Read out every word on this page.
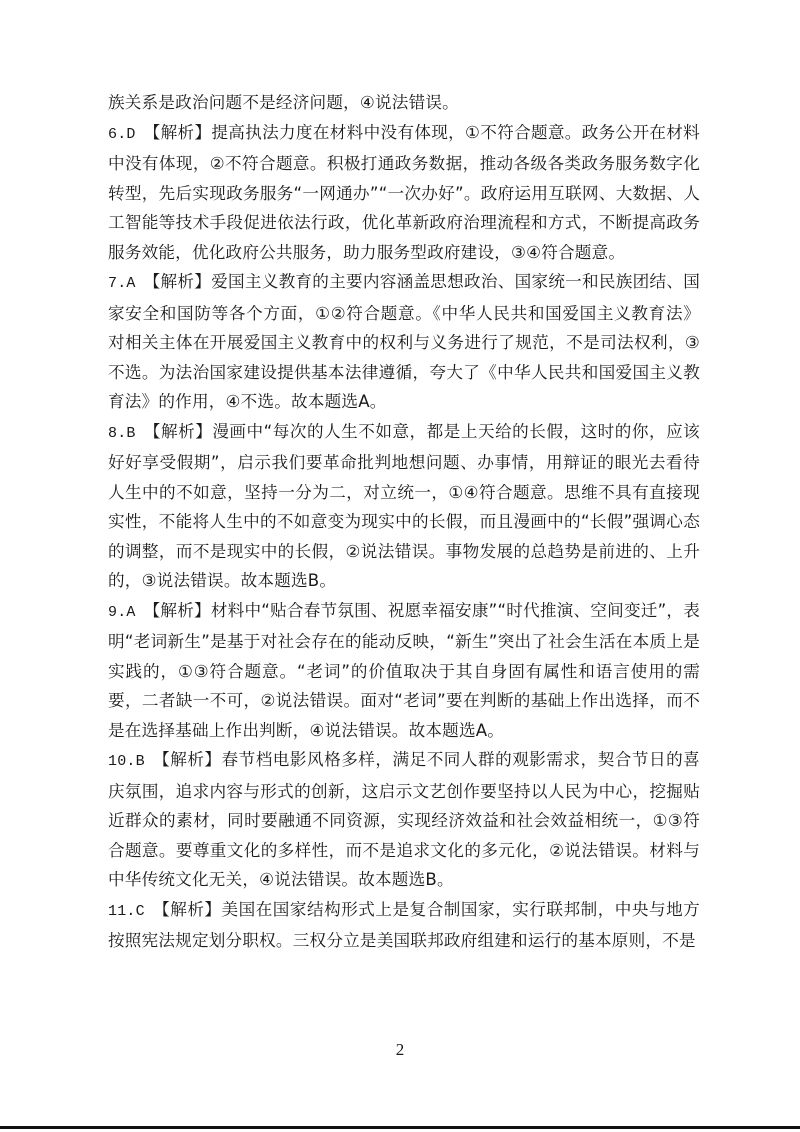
族关系是政治问题不是经济问题，④说法错误。

6.D 【解析】提高执法力度在材料中没有体现，①不符合题意。政务公开在材料中没有体现，②不符合题意。积极打通政务数据，推动各级各类政务服务数字化转型，先后实现政务服务“一网通办”“一次办好”。政府运用互联网、大数据、人工智能等技术手段促进依法行政，优化革新政府治理流程和方式，不断提高政务服务效能，优化政府公共服务，助力服务型政府建设，③④符合题意。

7.A 【解析】爱国主义教育的主要内容涵盖思想政治、国家统一和民族团结、国家安全和国防等各个方面，①②符合题意。《中华人民共和国爱国主义教育法》对相关主体在开展爱国主义教育中的权利与义务进行了规范，不是司法权利，③不选。为法治国家建设提供基本法律遵循，夸大了《中华人民共和国爱国主义教育法》的作用，④不选。故本题选A。

8.B 【解析】漫画中“每次的人生不如意，都是上天给的长假，这时的你，应该好好享受假期”，启示我们要革命批判地想问题、办事情，用辩证的眼光去看待人生中的不如意，坚持一分为二，对立统一，①④符合题意。思维不具有直接现实性，不能将人生中的不如意变为现实中的长假，而且漫画中的“长假”强调心态的调整，而不是现实中的长假，②说法错误。事物发展的总趋势是前进的、上升的，③说法错误。故本题选B。

9.A 【解析】材料中“贴合春节氛围、祝愿幸福安康”“时代推演、空间变迁”，表明“老词新生”是基于对社会存在的能动反映，“新生”突出了社会生活在本质上是实践的，①③符合题意。“老词”的价值取决于其自身固有属性和语言使用的需要，二者缺一不可，②说法错误。面对“老词”要在判断的基础上作出选择，而不是在选择基础上作出判断，④说法错误。故本题选A。

10.B 【解析】春节档电影风格多样，满足不同人群的观影需求，契合节日的喜庆氛围，追求内容与形式的创新，这启示文艺创作要坚持以人民为中心，挖掘贴近群众的素材，同时要融通不同资源，实现经济效益和社会效益相统一，①③符合题意。要尊重文化的多样性，而不是追求文化的多元化，②说法错误。材料与中华传统文化无关，④说法错误。故本题选B。

11.C 【解析】美国在国家结构形式上是复合制国家，实行联邦制，中央与地方按照宪法规定划分职权。三权分立是美国联邦政府组建和运行的基本原则，不是

2
